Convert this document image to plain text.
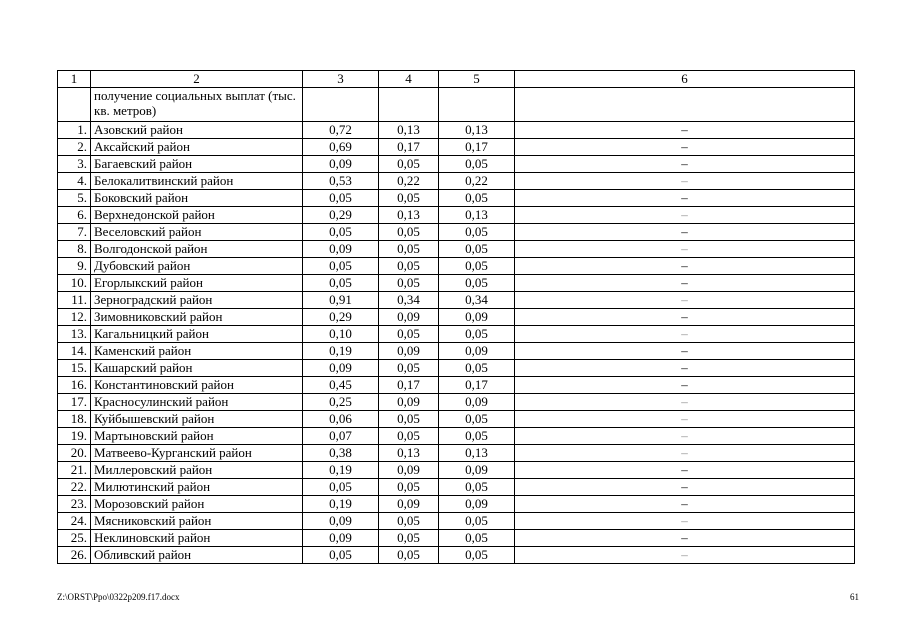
1	2	3	4	5	6
	получение социальных выплат (тыс. кв. метров)				
1.	Азовский район	0,72	0,13	0,13	–
2.	Аксайский район	0,69	0,17	0,17	–
3.	Багаевский район	0,09	0,05	0,05	–
4.	Белокалитвинский район	0,53	0,22	0,22	–
5.	Боковский район	0,05	0,05	0,05	–
6.	Верхнедонской район	0,29	0,13	0,13	–
7.	Веселовский район	0,05	0,05	0,05	–
8.	Волгодонской район	0,09	0,05	0,05	–
9.	Дубовский район	0,05	0,05	0,05	–
10.	Егорлыкский район	0,05	0,05	0,05	–
11.	Зерноградский район	0,91	0,34	0,34	–
12.	Зимовниковский район	0,29	0,09	0,09	–
13.	Кагальницкий район	0,10	0,05	0,05	–
14.	Каменский район	0,19	0,09	0,09	–
15.	Кашарский район	0,09	0,05	0,05	–
16.	Константиновский район	0,45	0,17	0,17	–
17.	Красносулинский район	0,25	0,09	0,09	–
18.	Куйбышевский район	0,06	0,05	0,05	–
19.	Мартыновский район	0,07	0,05	0,05	–
20.	Матвеево-Курганский район	0,38	0,13	0,13	–
21.	Миллеровский район	0,19	0,09	0,09	–
22.	Милютинский район	0,05	0,05	0,05	–
23.	Морозовский район	0,19	0,09	0,09	–
24.	Мясниковский район	0,09	0,05	0,05	–
25.	Неклиновский район	0,09	0,05	0,05	–
26.	Обливский район	0,05	0,05	0,05	–
Z:\ORST\Ppo\0322p209.f17.docx	61
